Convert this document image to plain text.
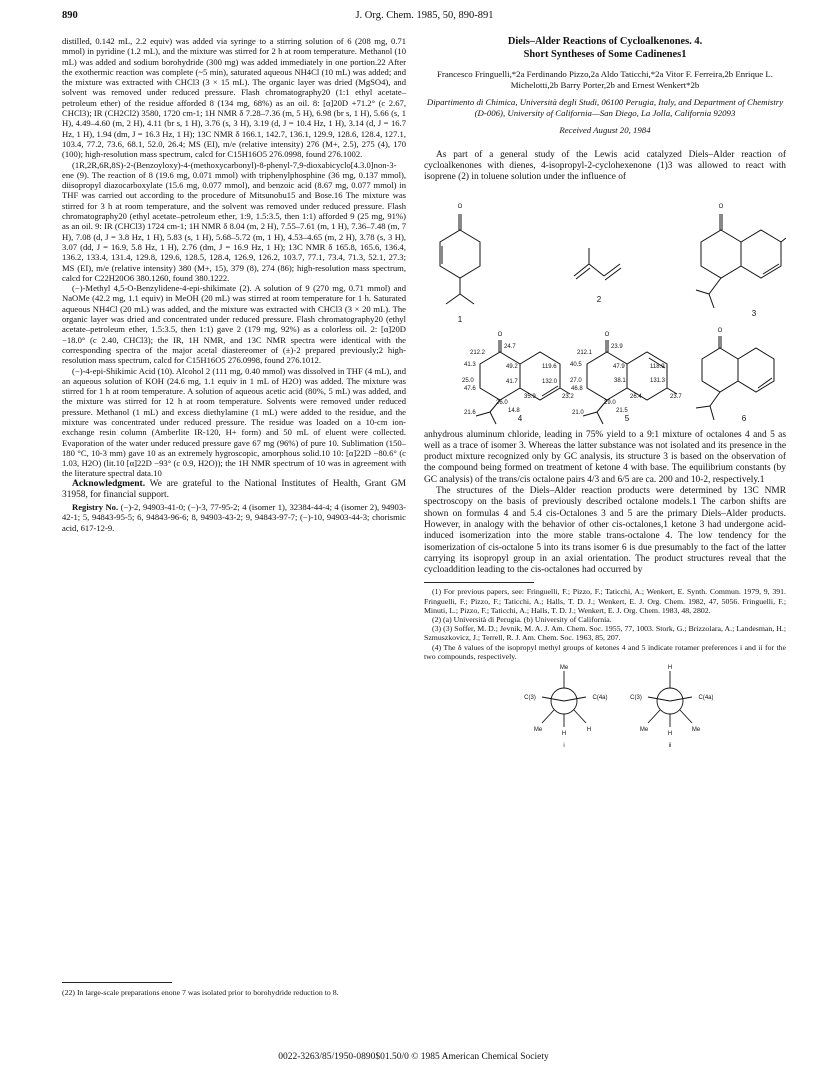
890	J. Org. Chem. 1985, 50, 890-891

distilled, 0.142 mL, 2.2 equiv) was added via syringe to a stirring solution of 6 (208 mg, 0.71 mmol) in pyridine (1.2 mL), and the mixture was stirred for 2 h at room temperature. Methanol (10 mL) was added and sodium borohydride (300 mg) was added immediately in one portion.22 After the exothermic reaction was complete (~5 min), saturated aqueous NH4Cl (10 mL) was added; and the mixture was extracted with CHCl3 (3 × 15 mL). The organic layer was dried (MgSO4), and solvent was removed under reduced pressure. Flash chromatography20 (1:1 ethyl acetate–petroleum ether) of the residue afforded 8 (134 mg, 68%) as an oil. 8: [α]20D +71.2° (c 2.67, CHCl3); IR (CH2Cl2) 3580, 1720 cm-1; 1H NMR δ 7.28–7.36 (m, 5 H), 6.98 (br s, 1 H), 5.66 (s, 1 H), 4.49–4.60 (m, 2 H), 4.11 (br s, 1 H), 3.76 (s, 3 H), 3.19 (d, J = 10.4 Hz, 1 H), 3.14 (d, J = 16.7 Hz, 1 H), 1.94 (dm, J = 16.3 Hz, 1 H); 13C NMR δ 166.1, 142.7, 136.1, 129.9, 128.6, 128.4, 127.1, 103.4, 77.2, 73.6, 68.1, 52.0, 26.4; MS (EI), m/e (relative intensity) 276 (M+, 2.5), 275 (4), 170 (100); high-resolution mass spectrum, calcd for C15H16O5 276.0998, found 276.1002.

(1R,2R,6R,8S)-2-(Benzoyloxy)-4-(methoxycarbonyl)-8-phenyl-7,9-dioxabicyclo[4.3.0]non-3-ene (9). The reaction of 8 (19.6 mg, 0.071 mmol) with triphenylphosphine (36 mg, 0.137 mmol), diisopropyl diazocarboxylate (15.6 mg, 0.077 mmol), and benzoic acid (8.67 mg, 0.077 mmol) in THF was carried out according to the procedure of Mitsunobu15 and Bose.16 The mixture was stirred for 3 h at room temperature, and the solvent was removed under reduced pressure. Flash chromatography20 (ethyl acetate–petroleum ether, 1:9, 1.5:3.5, then 1:1) afforded 9 (25 mg, 91%) as an oil. 9: IR (CHCl3) 1724 cm-1; 1H NMR δ 8.04 (m, 2 H), 7.55–7.61 (m, 1 H), 7.36–7.48 (m, 7 H), 7.08 (d, J = 3.8 Hz, 1 H), 5.83 (s, 1 H), 5.68–5.72 (m, 1 H), 4.53–4.65 (m, 2 H), 3.78 (s, 3 H), 3.07 (dd, J = 16.9, 5.8 Hz, 1 H), 2.76 (dm, J = 16.9 Hz, 1 H); 13C NMR δ 165.8, 165.6, 136.4, 136.2, 133.4, 131.4, 129.8, 129.6, 128.5, 128.4, 126.9, 126.2, 103.7, 77.1, 73.4, 71.3, 52.1, 27.3; MS (EI), m/e (relative intensity) 380 (M+, 15), 379 (8), 274 (86); high-resolution mass spectrum, calcd for C22H20O6 380.1260, found 380.1222.

(−)-Methyl 4,5-O-Benzylidene-4-epi-shikimate (2). A solution of 9 (270 mg, 0.71 mmol) and NaOMe (42.2 mg, 1.1 equiv) in MeOH (20 mL) was stirred at room temperature for 1 h. Saturated aqueous NH4Cl (20 mL) was added, and the mixture was extracted with CHCl3 (3 × 20 mL). The organic layer was dried and concentrated under reduced pressure. Flash chromatography20 (ethyl acetate–petroleum ether, 1.5:3.5, then 1:1) gave 2 (179 mg, 92%) as a colorless oil. 2: [α]20D −18.0° (c 2.40, CHCl3); the IR, 1H NMR, and 13C NMR spectra were identical with the corresponding spectra of the major acetal diastereomer of (±)-2 prepared previously;2 high-resolution mass spectrum, calcd for C15H16O5 276.0998, found 276.1012.

(−)-4-epi-Shikimic Acid (10). Alcohol 2 (111 mg, 0.40 mmol) was dissolved in THF (4 mL), and an aqueous solution of KOH (24.6 mg, 1.1 equiv in 1 mL of H2O) was added. The mixture was stirred for 1 h at room temperature. A solution of aqueous acetic acid (80%, 5 mL) was added, and the mixture was stirred for 12 h at room temperature. Solvents were removed under reduced pressure. Methanol (1 mL) and excess diethylamine (1 mL) were added to the residue, and the mixture was concentrated under reduced pressure. The residue was loaded on a 10-cm ion-exchange resin column (Amberlite IR-120, H+ form) and 50 mL of eluent were collected. Evaporation of the water under reduced pressure gave 67 mg (96%) of pure 10. Sublimation (150–180 °C, 10-3 mm) gave 10 as an extremely hygroscopic, amorphous solid.10 10: [α]22D −80.6° (c 1.03, H2O) (lit.10 [α]22D −93° (c 0.9, H2O)); the 1H NMR spectrum of 10 was in agreement with the literature spectral data.10

Acknowledgment. We are grateful to the National Institutes of Health, Grant GM 31958, for financial support.

Registry No. (−)-2, 94903-41-0; (−)-3, 77-95-2; 4 (isomer 1), 32384-44-4; 4 (isomer 2), 94903-42-1; 5, 94843-95-5; 6, 94843-96-6; 8, 94903-43-2; 9, 94843-97-7; (−)-10, 94903-44-3; chorismic acid, 617-12-9.

(22) In large-scale preparations enone 7 was isolated prior to borohydride reduction to 8.
Diels–Alder Reactions of Cycloalkenones. 4.
Short Syntheses of Some Cadinenes1
Francesco Fringuelli,*2a Ferdinando Pizzo,2a Aldo Taticchi,*2a Vitor F. Ferreira,2b Enrique L. Michelotti,2b Barry Porter,2b and Ernest Wenkert*2b
Dipartimento di Chimica, Università degli Studi, 06100 Perugia, Italy, and Department of Chemistry (D-006), University of California—San Diego, La Jolla, California 92093
Received August 20, 1984

As part of a general study of the Lewis acid catalyzed Diels–Alder reaction of cycloalkenones with dienes, 4-isopropyl-2-cyclohexenone (1)3 was allowed to react with isoprene (2) in toluene solution under the influence of

O	O
O	O
O
1
2
3
4	5	6
212.2
24.7
41.3	49.2	119.6
25.0	41.7	132.0
47.6
35.9	23.2
26.0
21.6	14.8
212.1
23.9
40.5	47.9	118.9
27.0	38.1	131.3
46.8
26.4	23.7
29.0
21.0	21.5

anhydrous aluminum chloride, leading in 75% yield to a 9:1 mixture of octalones 4 and 5 as well as a trace of isomer 3. Whereas the latter substance was not isolated and its presence in the product mixture recognized only by GC analysis, its structure 3 is based on the observation of the compound being formed on treatment of ketone 4 with base. The equilibrium constants (by GC analysis) of the trans/cis octalone pairs 4/3 and 6/5 are ca. 200 and 10-2, respectively.1

The structures of the Diels–Alder reaction products were determined by 13C NMR spectroscopy on the basis of previously described octalone models.1 The carbon shifts are shown on formulas 4 and 5.4 cis-Octalones 3 and 5 are the primary Diels–Alder products. However, in analogy with the behavior of other cis-octalones,1 ketone 3 had undergone acid-induced isomerization into the more stable trans-octalone 4. The low tendency for the isomerization of cis-octalone 5 into its trans isomer 6 is due presumably to the fact of the latter carrying its isopropyl group in an axial orientation. The product structures reveal that the cycloaddition leading to the cis-octalones had occurred by

(1) For previous papers, see: Fringuelli, F.; Pizzo, F.; Taticchi, A.; Wenkert, E. Synth. Commun. 1979, 9, 391. Fringuelli, F.; Pizzo, F.; Taticchi, A.; Halls, T. D. J.; Wenkert, E. J. Org. Chem. 1982, 47, 5056. Fringuelli, F.; Minuti, L.; Pizzo, F.; Taticchi, A.; Halls, T. D. J.; Wenkert, E. J. Org. Chem. 1983, 48, 2802.

(2) (a) Università di Perugia. (b) University of California.

(3) (3) Soffer, M. D.; Jevnik, M. A. J. Am. Chem. Soc. 1955, 77, 1003. Stork, G.; Brizzolara, A.; Landesman, H.; Szmuszkovicz, J.; Terrell, R. J. Am. Chem. Soc. 1963, 85, 207.

(4) The δ values of the isopropyl methyl groups of ketones 4 and 5 indicate rotamer preferences i and ii for the two compounds, respectively.

Me
C(3)	C(4a)
Me	H
H
i
H
C(3)	C(4a)
Me	Me
H
ii
0022-3263/85/1950-0890$01.50/0 © 1985 American Chemical Society
